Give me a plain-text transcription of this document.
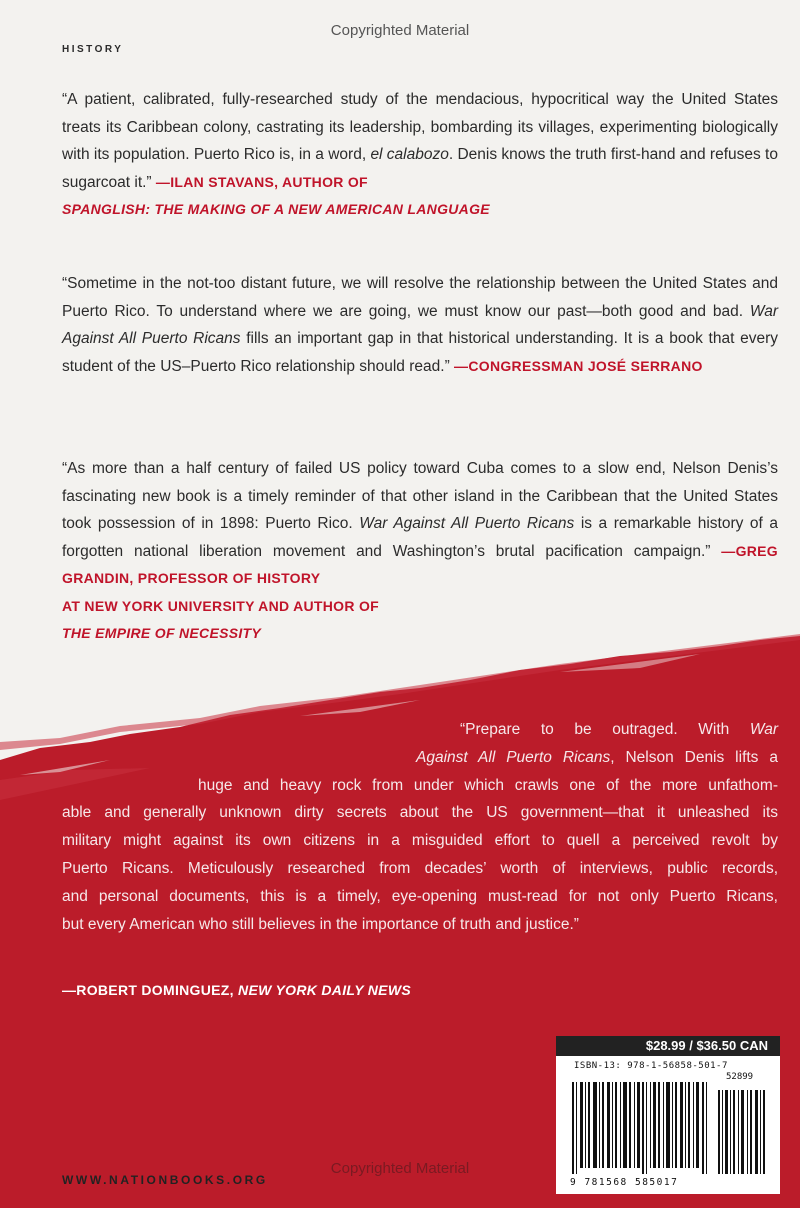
Copyrighted Material
HISTORY
“A patient, calibrated, fully-researched study of the mendacious, hypocritical way the United States treats its Caribbean colony, castrating its leadership, bombarding its villages, experimenting biologically with its population. Puerto Rico is, in a word, el calabozo. Denis knows the truth first-hand and refuses to sugarcoat it.” —ILAN STAVANS, AUTHOR OF
SPANGLISH: THE MAKING OF A NEW AMERICAN LANGUAGE
“Sometime in the not-too distant future, we will resolve the relationship between the United States and Puerto Rico. To understand where we are going, we must know our past—both good and bad. War Against All Puerto Ricans fills an important gap in that historical understanding. It is a book that every student of the US–Puerto Rico relationship should read.” —CONGRESSMAN JOSÉ SERRANO
“As more than a half century of failed US policy toward Cuba comes to a slow end, Nelson Denis’s fascinating new book is a timely reminder of that other island in the Caribbean that the United States took possession of in 1898: Puerto Rico. War Against All Puerto Ricans is a remarkable history of a forgotten national liberation movement and Washington’s brutal pacification campaign.” —GREG GRANDIN, PROFESSOR OF HISTORY
AT NEW YORK UNIVERSITY AND AUTHOR OF
THE EMPIRE OF NECESSITY
“Prepare to be outraged. With War
Against All Puerto Ricans, Nelson Denis lifts a
huge and heavy rock from under which crawls one of the more unfathom-
able and generally unknown dirty secrets about the US government—that it unleashed its
military might against its own citizens in a misguided effort to quell a perceived revolt by
Puerto Ricans. Meticulously researched from decades’ worth of interviews, public records,
and personal documents, this is a timely, eye-opening must-read for not only Puerto Ricans,
but every American who still believes in the importance of truth and justice.”
—ROBERT DOMINGUEZ, NEW YORK DAILY NEWS
$28.99 / $36.50 CAN
ISBN-13: 978-1-56858-501-7
52899
9 781568 585017
Copyrighted Material
WWW.NATIONBOOKS.ORG
